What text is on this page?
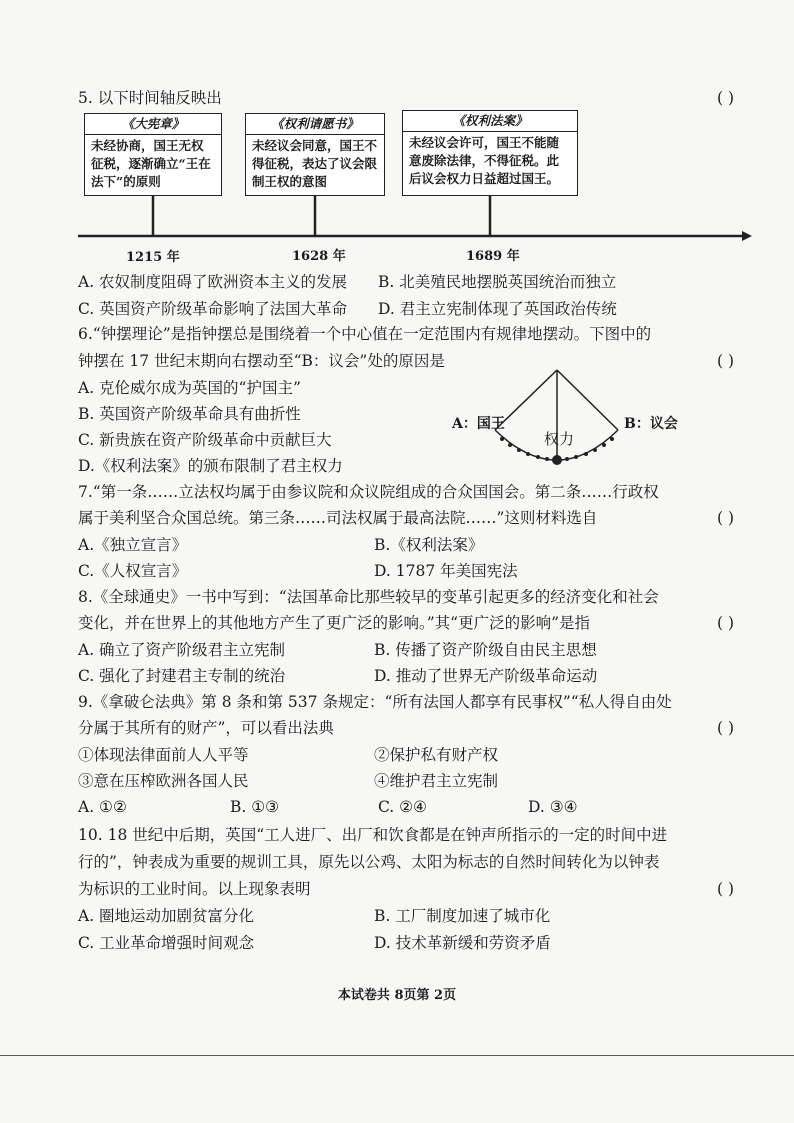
5. 以下时间轴反映出	( )
《大宪章》
未经协商，国王无权征税，逐渐确立“王在法下”的原则
《权利请愿书》
未经议会同意，国王不得征税，表达了议会限制王权的意图
《权利法案》
未经议会许可，国王不能随意废除法律，不得征税。此后议会权力日益超过国王。
1215 年	1628 年	1689 年
A. 农奴制度阻碍了欧洲资本主义的发展 B. 北美殖民地摆脱英国统治而独立
C. 英国资产阶级革命影响了法国大革命 D. 君主立宪制体现了英国政治传统
6.“钟摆理论”是指钟摆总是围绕着一个中心值在一定范围内有规律地摆动。下图中的
钟摆在 17 世纪末期向右摆动至“B：议会”处的原因是	( )
A. 克伦威尔成为英国的“护国主”
B. 英国资产阶级革命具有曲折性
C. 新贵族在资产阶级革命中贡献巨大
D.《权利法案》的颁布限制了君主权力
A：国王
权力
B：议会
7.“第一条……立法权均属于由参议院和众议院组成的合众国国会。第二条……行政权
属于美利坚合众国总统。第三条……司法权属于最高法院……”这则材料选自	( )
A.《独立宣言》	B.《权利法案》
C.《人权宣言》	D. 1787 年美国宪法
8.《全球通史》一书中写到：“法国革命比那些较早的变革引起更多的经济变化和社会
变化，并在世界上的其他地方产生了更广泛的影响。”其“更广泛的影响”是指	( )
A. 确立了资产阶级君主立宪制	B. 传播了资产阶级自由民主思想
C. 强化了封建君主专制的统治	D. 推动了世界无产阶级革命运动
9.《拿破仑法典》第 8 条和第 537 条规定：“所有法国人都享有民事权”“私人得自由处
分属于其所有的财产”，可以看出法典	( )
①体现法律面前人人平等	②保护私有财产权
③意在压榨欧洲各国人民	④维护君主立宪制
A. ①②	B. ①③	C. ②④	D. ③④
10. 18 世纪中后期，英国“工人进厂、出厂和饮食都是在钟声所指示的一定的时间中进
行的”，钟表成为重要的规训工具，原先以公鸡、太阳为标志的自然时间转化为以钟表
为标识的工业时间。以上现象表明	( )
A. 圈地运动加剧贫富分化	B. 工厂制度加速了城市化
C. 工业革命增强时间观念	D. 技术革新缓和劳资矛盾
本试卷共 8页第 2页
